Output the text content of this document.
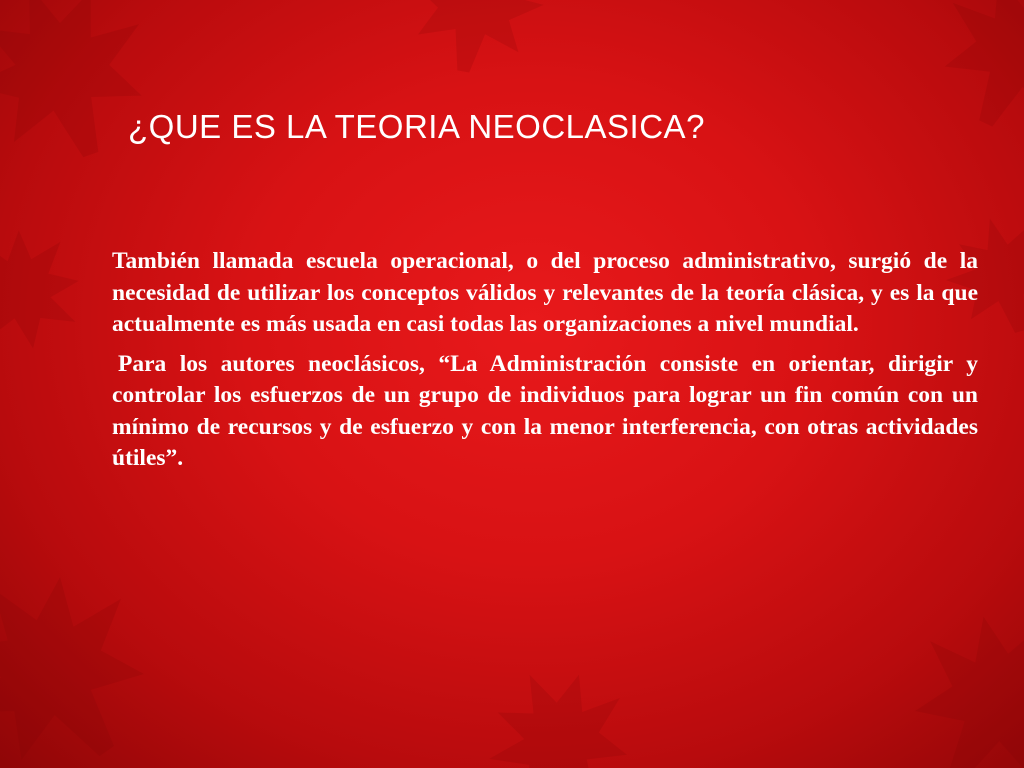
¿QUE ES LA TEORIA NEOCLASICA?

También llamada escuela operacional, o del proceso administrativo, surgió de la necesidad de utilizar los conceptos válidos y relevantes de la teoría clásica, y es la que actualmente es más usada en casi todas las organizaciones a nivel mundial.

Para los autores neoclásicos, “La Administración consiste en orientar, dirigir y controlar los esfuerzos de un grupo de individuos para lograr un fin común con un mínimo de recursos y de esfuerzo y con la menor interferencia, con otras actividades útiles”.
